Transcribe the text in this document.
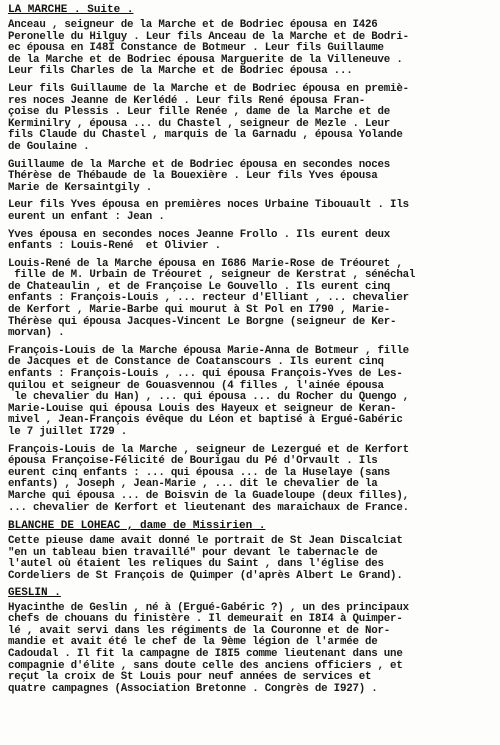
LA MARCHE . Suite .
Anceau , seigneur de la Marche et de Bodriec épousa en I426
Peronelle du Hilguy . Leur fils Anceau de la Marche et de Bodri-
ec épousa en I48I Constance de Botmeur . Leur fils Guillaume
de la Marche et de Bodriec épousa Marguerite de la Villeneuve .
Leur fils Charles de la Marche et de Bodriec épousa ...
Leur fils Guillaume de la Marche et de Bodriec épousa en premiè-
res noces Jeanne de Kerlédé . Leur fils René épousa Fran-
çoise du Plessis . Leur fille Renée , dame de la Marche et de
Kerminilry , épousa ... du Chastel , seigneur de Mezle . Leur
fils Claude du Chastel , marquis de la Garnadu , épousa Yolande
de Goulaine .
Guillaume de la Marche et de Bodriec épousa en secondes noces
Thérèse de Thébaude de la Bouexière . Leur fils Yves épousa
Marie de Kersaintgily .
Leur fils Yves épousa en premières noces Urbaine Tibouault . Ils
eurent un enfant : Jean .
Yves épousa en secondes noces Jeanne Frollo . Ils eurent deux
enfants : Louis-René  et Olivier .
Louis-René de la Marche épousa en I686 Marie-Rose de Tréouret ,
fille de M. Urbain de Tréouret , seigneur de Kerstrat , sénéchal
de Chateaulin , et de Françoise Le Gouvello . Ils eurent cinq
enfants : François-Louis , ... recteur d'Elliant , ... chevalier
de Kerfort , Marie-Barbe qui mourut à St Pol en I790 , Marie-
Thérèse qui épousa Jacques-Vincent Le Borgne (seigneur de Ker-
morvan) .
François-Louis de la Marche épousa Marie-Anna de Botmeur , fille
de Jacques et de Constance de Coatanscours . Ils eurent cinq
enfants : François-Louis , ... qui épousa François-Yves de Les-
quilou et seigneur de Gouasvennou (4 filles , l'ainée épousa
le chevalier du Han) , ... qui épousa ... du Rocher du Quengo ,
Marie-Louise qui épousa Louis des Hayeux et seigneur de Keran-
mivel , Jean-François évêque du Léon et baptisé à Ergué-Gabéric
le 7 juillet I729 .
François-Louis de la Marche , seigneur de Lezergué et de Kerfort
épousa Françoise-Félicité de Bourigau du Pé d'Orvault . Ils
eurent cinq enfants : ... qui épousa ... de la Huselaye (sans
enfants) , Joseph , Jean-Marie , ... dit le chevalier de la
Marche qui épousa ... de Boisvin de la Guadeloupe (deux filles),
... chevalier de Kerfort et lieutenant des maraichaux de France.
BLANCHE DE LOHEAC , dame de Missirien .
Cette pieuse dame avait donné le portrait de St Jean Discalciat
"en un tableau bien travaillé" pour devant le tabernacle de
l'autel où étaient les reliques du Saint , dans l'église des
Cordeliers de St François de Quimper (d'après Albert Le Grand).
GESLIN .
Hyacinthe de Geslin , né à (Ergué-Gabéric ?) , un des principaux
chefs de chouans du finistère . Il demeurait en I8I4 à Quimper-
lé , avait servi dans les régiments de la Couronne et de Nor-
mandie et avait été le chef de la 9ème légion de l'armée de
Cadoudal . Il fit la campagne de I8I5 comme lieutenant dans une
compagnie d'élite , sans doute celle des anciens officiers , et
reçut la croix de St Louis pour neuf années de services et
quatre campagnes (Association Bretonne . Congrès de I927) .
